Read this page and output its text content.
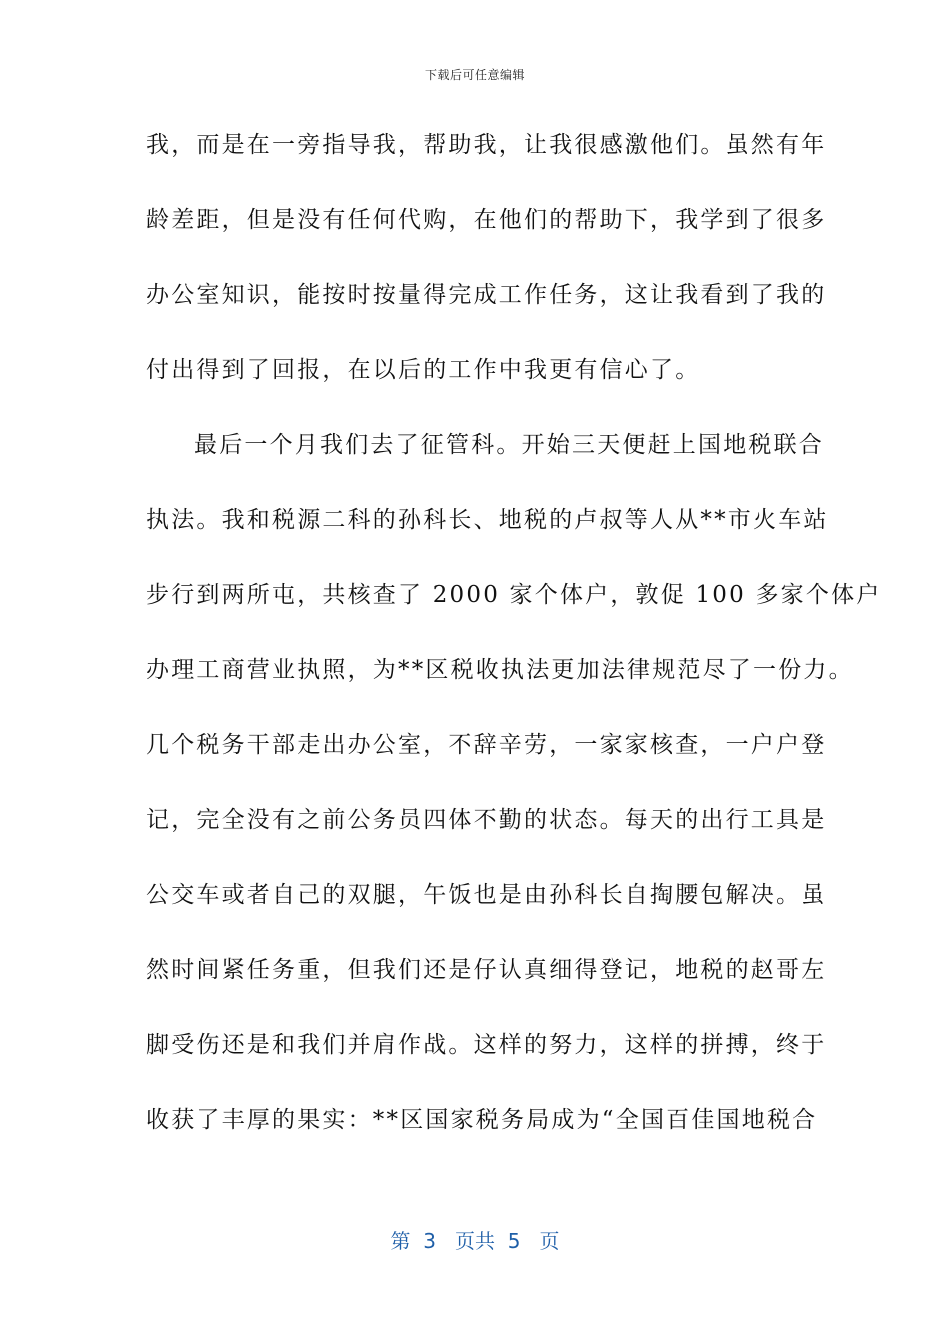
下载后可任意编辑
我，而是在一旁指导我，帮助我，让我很感激他们。虽然有年
龄差距，但是没有任何代购，在他们的帮助下，我学到了很多
办公室知识，能按时按量得完成工作任务，这让我看到了我的
付出得到了回报，在以后的工作中我更有信心了。
最后一个月我们去了征管科。开始三天便赶上国地税联合
执法。我和税源二科的孙科长、地税的卢叔等人从**市火车站
步行到两所屯，共核查了 2000 家个体户，敦促 100 多家个体户
办理工商营业执照，为**区税收执法更加法律规范尽了一份力。
几个税务干部走出办公室，不辞辛劳，一家家核查，一户户登
记，完全没有之前公务员四体不勤的状态。每天的出行工具是
公交车或者自己的双腿，午饭也是由孙科长自掏腰包解决。虽
然时间紧任务重，但我们还是仔认真细得登记，地税的赵哥左
脚受伤还是和我们并肩作战。这样的努力，这样的拼搏，终于
收获了丰厚的果实：**区国家税务局成为“全国百佳国地税合
第  3   页共  5   页
